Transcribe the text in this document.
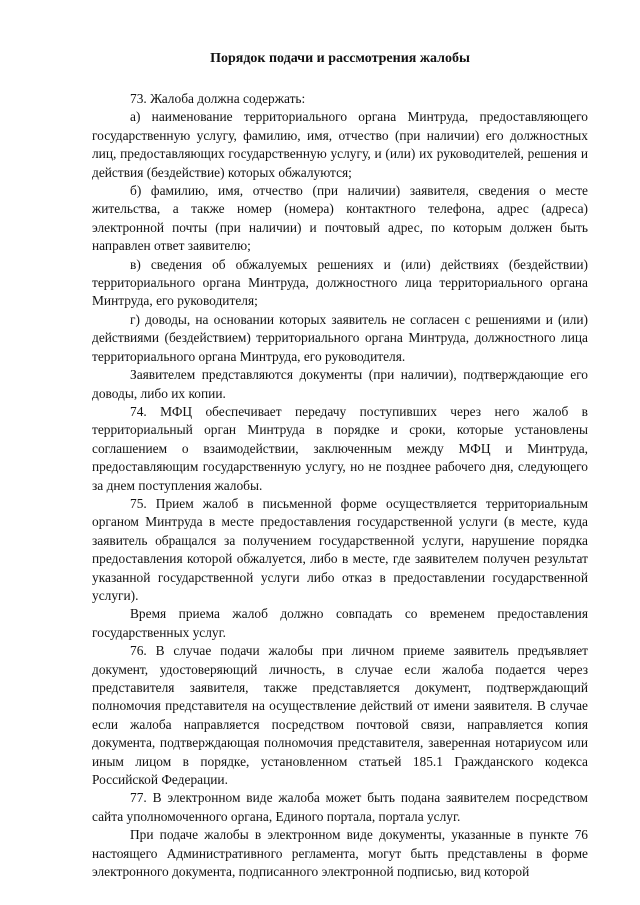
Порядок подачи и рассмотрения жалобы

73. Жалоба должна содержать:

а) наименование территориального органа Минтруда, предоставляющего государственную услугу, фамилию, имя, отчество (при наличии) его должностных лиц, предоставляющих государственную услугу, и (или) их руководителей, решения и действия (бездействие) которых обжалуются;

б) фамилию, имя, отчество (при наличии) заявителя, сведения о месте жительства, а также номер (номера) контактного телефона, адрес (адреса) электронной почты (при наличии) и почтовый адрес, по которым должен быть направлен ответ заявителю;

в) сведения об обжалуемых решениях и (или) действиях (бездействии) территориального органа Минтруда, должностного лица территориального органа Минтруда, его руководителя;

г) доводы, на основании которых заявитель не согласен с решениями и (или) действиями (бездействием) территориального органа Минтруда, должностного лица территориального органа Минтруда, его руководителя.

Заявителем представляются документы (при наличии), подтверждающие его доводы, либо их копии.

74. МФЦ обеспечивает передачу поступивших через него жалоб в территориальный орган Минтруда в порядке и сроки, которые установлены соглашением о взаимодействии, заключенным между МФЦ и Минтруда, предоставляющим государственную услугу, но не позднее рабочего дня, следующего за днем поступления жалобы.

75. Прием жалоб в письменной форме осуществляется территориальным органом Минтруда в месте предоставления государственной услуги (в месте, куда заявитель обращался за получением государственной услуги, нарушение порядка предоставления которой обжалуется, либо в месте, где заявителем получен результат указанной государственной услуги либо отказ в предоставлении государственной услуги).

Время приема жалоб должно совпадать со временем предоставления государственных услуг.

76. В случае подачи жалобы при личном приеме заявитель предъявляет документ, удостоверяющий личность, в случае если жалоба подается через представителя заявителя, также представляется документ, подтверждающий полномочия представителя на осуществление действий от имени заявителя. В случае если жалоба направляется посредством почтовой связи, направляется копия документа, подтверждающая полномочия представителя, заверенная нотариусом или иным лицом в порядке, установленном статьей 185.1 Гражданского кодекса Российской Федерации.

77. В электронном виде жалоба может быть подана заявителем посредством сайта уполномоченного органа, Единого портала, портала услуг.

При подаче жалобы в электронном виде документы, указанные в пункте 76 настоящего Административного регламента, могут быть представлены в форме электронного документа, подписанного электронной подписью, вид которой
